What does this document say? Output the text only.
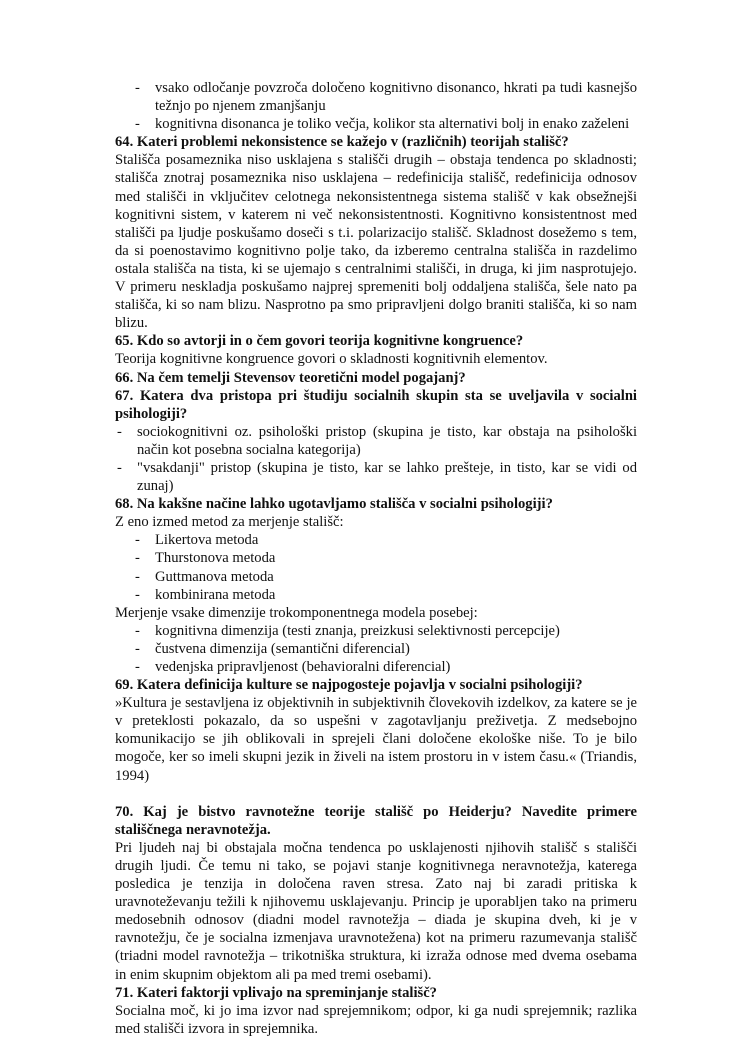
- vsako odločanje povzroča določeno kognitivno disonanco, hkrati pa tudi kasnejšo težnjo po njenem zmanjšanju
- kognitivna disonanca je toliko večja, kolikor sta alternativi bolj in enako zaželeni

64. Kateri problemi nekonsistence se kažejo v (različnih) teorijah stališč?

Stališča posameznika niso usklajena s stališči drugih – obstaja tendenca po skladnosti; stališča znotraj posameznika niso usklajena – redefinicija stališč, redefinicija odnosov med stališči in vključitev celotnega nekonsistentnega sistema stališč v kak obsežnejši kognitivni sistem, v katerem ni več nekonsistentnosti. Kognitivno konsistentnost med stališči pa ljudje poskušamo doseči s t.i. polarizacijo stališč. Skladnost dosežemo s tem, da si poenostavimo kognitivno polje tako, da izberemo centralna stališča in razdelimo ostala stališča na tista, ki se ujemajo s centralnimi stališči, in druga, ki jim nasprotujejo. V primeru neskladja poskušamo najprej spremeniti bolj oddaljena stališča, šele nato pa stališča, ki so nam blizu. Nasprotno pa smo pripravljeni dolgo braniti stališča, ki so nam blizu.

65. Kdo so avtorji in o čem govori teorija kognitivne kongruence?

Teorija kognitivne kongruence govori o skladnosti kognitivnih elementov.

66. Na čem temelji Stevensov teoretični model pogajanj?

67. Katera dva pristopa pri študiju socialnih skupin sta se uveljavila v socialni psihologiji?

- sociokognitivni oz. psihološki pristop (skupina je tisto, kar obstaja na psihološki način kot posebna socialna kategorija)
- "vsakdanji" pristop (skupina je tisto, kar se lahko prešteje, in tisto, kar se vidi od zunaj)

68. Na kakšne načine lahko ugotavljamo stališča v socialni psihologiji?

Z eno izmed metod za merjenje stališč:

- Likertova metoda
- Thurstonova metoda
- Guttmanova metoda
- kombinirana metoda

Merjenje vsake dimenzije trokomponentnega modela posebej:

- kognitivna dimenzija (testi znanja, preizkusi selektivnosti percepcije)
- čustvena dimenzija (semantični diferencial)
- vedenjska pripravljenost (behavioralni diferencial)

69. Katera definicija kulture se najpogosteje pojavlja v socialni psihologiji?

»Kultura je sestavljena iz objektivnih in subjektivnih človekovih izdelkov, za katere se je v preteklosti pokazalo, da so uspešni v zagotavljanju preživetja. Z medsebojno komunikacijo se jih oblikovali in sprejeli člani določene ekološke niše. To je bilo mogoče, ker so imeli skupni jezik in živeli na istem prostoru in v istem času.« (Triandis, 1994)

70. Kaj je bistvo ravnotežne teorije stališč po Heiderju? Navedite primere stališčnega neravnotežja.

Pri ljudeh naj bi obstajala močna tendenca po usklajenosti njihovih stališč s stališči drugih ljudi. Če temu ni tako, se pojavi stanje kognitivnega neravnotežja, katerega posledica je tenzija in določena raven stresa. Zato naj bi zaradi pritiska k uravnoteževanju težili k njihovemu usklajevanju. Princip je uporabljen tako na primeru medosebnih odnosov (diadni model ravnotežja – diada je skupina dveh, ki je v ravnotežju, če je socialna izmenjava uravnotežena) kot na primeru razumevanja stališč (triadni model ravnotežja – trikotniška struktura, ki izraža odnose med dvema osebama in enim skupnim objektom ali pa med tremi osebami).

71. Kateri faktorji vplivajo na spreminjanje stališč?

Socialna moč, ki jo ima izvor nad sprejemnikom; odpor, ki ga nudi sprejemnik; razlika med stališči izvora in sprejemnika.
